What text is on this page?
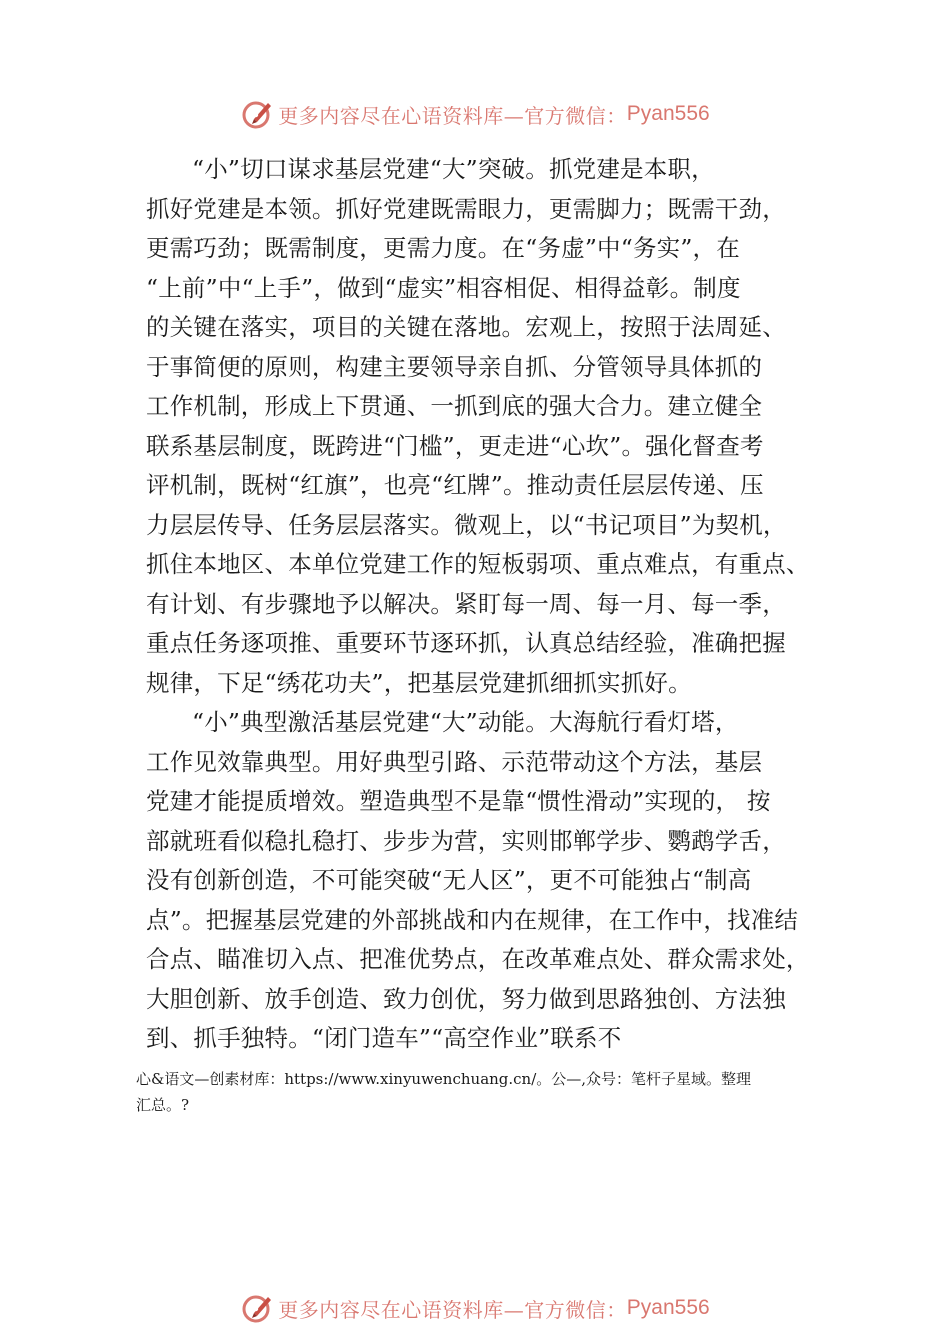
更多内容尽在心语资料库—官方微信： Pyan556
“小”切口谋求基层党建“大”突破。抓党建是本职，
抓好党建是本领。抓好党建既需眼力，更需脚力；既需干劲，
更需巧劲；既需制度，更需力度。在“务虚”中“务实”，在
“上前”中“上手”，做到“虚实”相容相促、相得益彰。制度
的关键在落实，项目的关键在落地。宏观上，按照于法周延、
于事简便的原则，构建主要领导亲自抓、分管领导具体抓的
工作机制，形成上下贯通、一抓到底的强大合力。建立健全
联系基层制度，既跨进“门槛”，更走进“心坎”。强化督查考
评机制，既树“红旗”，也亮“红牌”。推动责任层层传递、压
力层层传导、任务层层落实。微观上，以“书记项目”为契机，
抓住本地区、本单位党建工作的短板弱项、重点难点，有重点、
有计划、有步骤地予以解决。紧盯每一周、每一月、每一季，
重点任务逐项推、重要环节逐环抓，认真总结经验，准确把握
规律，下足“绣花功夫”，把基层党建抓细抓实抓好。
“小”典型激活基层党建“大”动能。大海航行看灯塔，
工作见效靠典型。用好典型引路、示范带动这个方法，基层
党建才能提质增效。塑造典型不是靠“惯性滑动”实现的， 按
部就班看似稳扎稳打、步步为营，实则邯郸学步、鹦鹉学舌，
没有创新创造，不可能突破“无人区”，更不可能独占“制高
点”。把握基层党建的外部挑战和内在规律，在工作中，找准结
合点、瞄准切入点、把准优势点，在改革难点处、群众需求处，
大胆创新、放手创造、致力创优，努力做到思路独创、方法独
到、抓手独特。“闭门造车”“高空作业”联系不
心&语文—创素材库：https://www.xinyuwenchuang.cn/。公—,众号：笔杆子星域。整理
汇总。?
更多内容尽在心语资料库—官方微信： Pyan556
